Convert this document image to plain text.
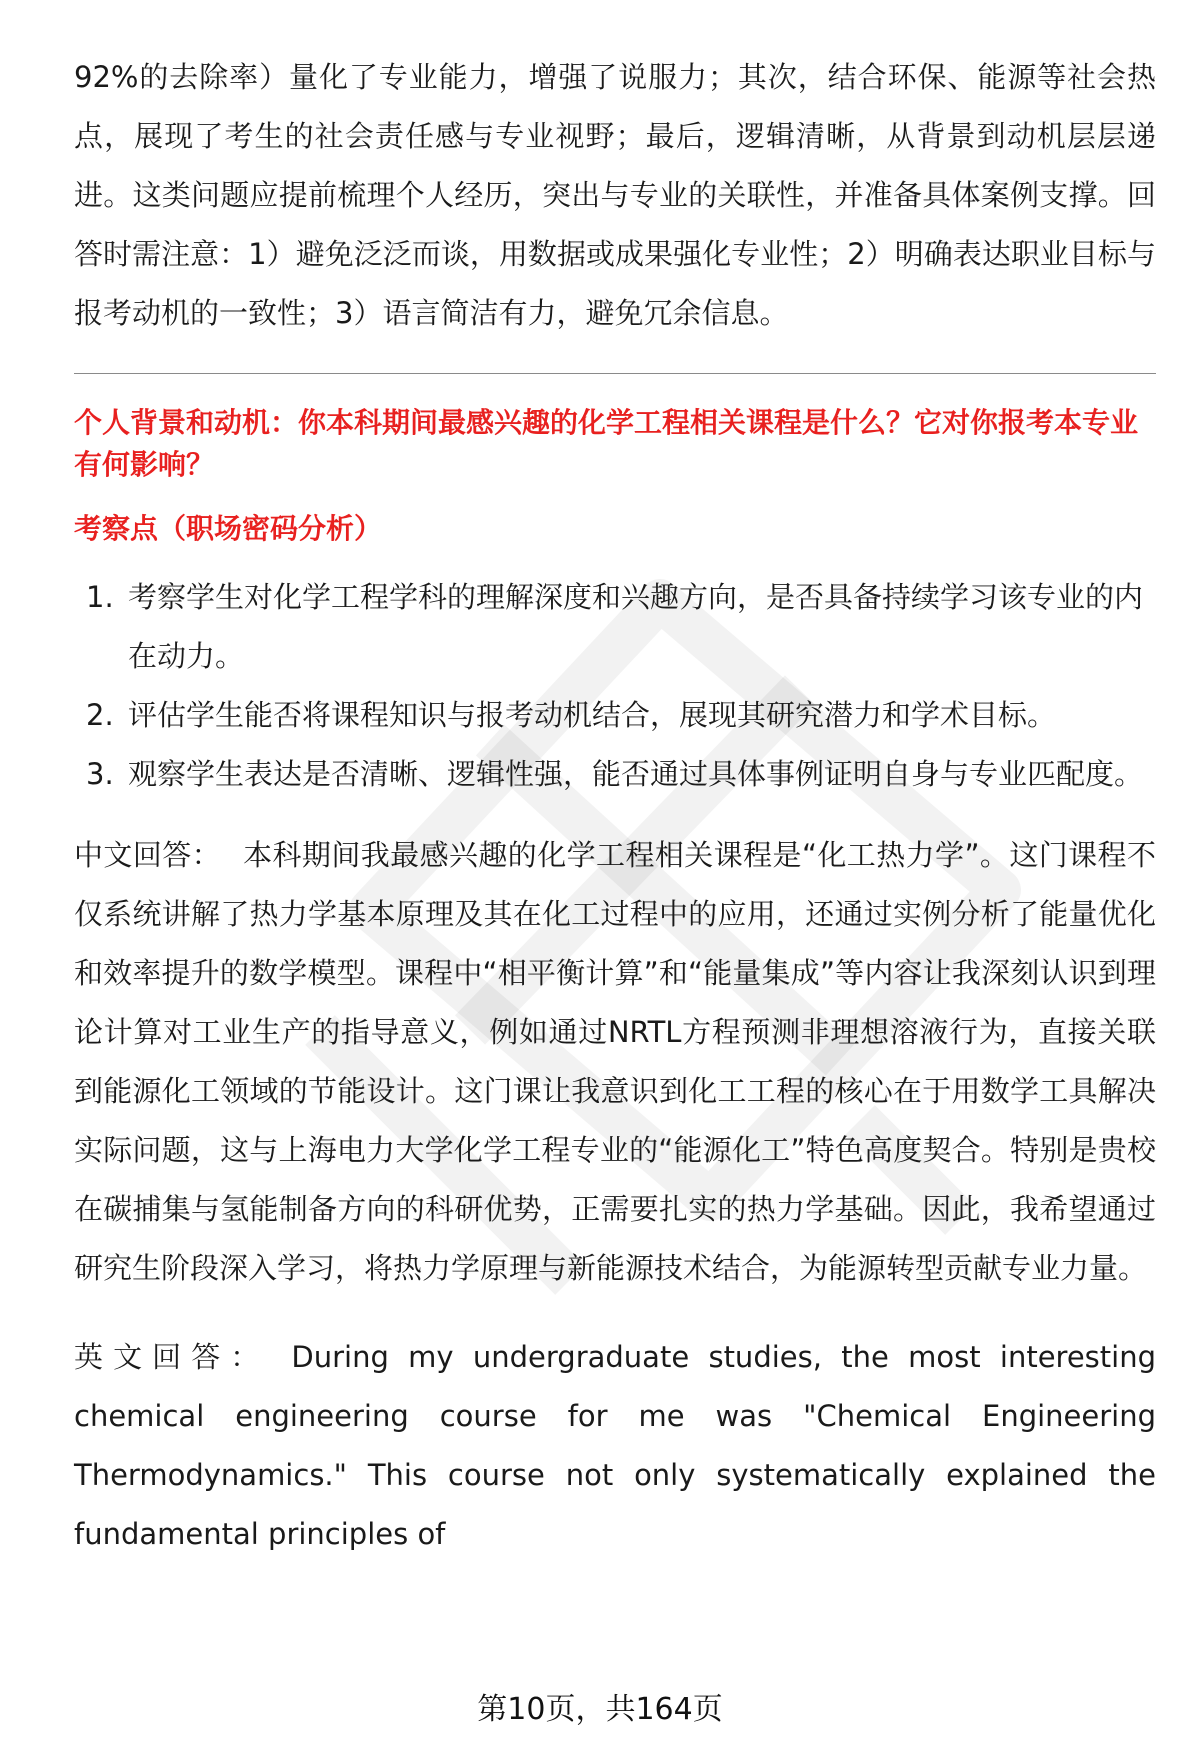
92%的去除率）量化了专业能力，增强了说服力；其次，结合环保、能源等社会热点，展现了考生的社会责任感与专业视野；最后，逻辑清晰，从背景到动机层层递进。这类问题应提前梳理个人经历，突出与专业的关联性，并准备具体案例支撑。回答时需注意：1）避免泛泛而谈，用数据或成果强化专业性；2）明确表达职业目标与报考动机的一致性；3）语言简洁有力，避免冗余信息。

个人背景和动机：你本科期间最感兴趣的化学工程相关课程是什么？它对你报考本专业有何影响？
考察点（职场密码分析）
1. 考察学生对化学工程学科的理解深度和兴趣方向，是否具备持续学习该专业的内在动力。
2. 评估学生能否将课程知识与报考动机结合，展现其研究潜力和学术目标。
3. 观察学生表达是否清晰、逻辑性强，能否通过具体事例证明自身与专业匹配度。

中文回答： 本科期间我最感兴趣的化学工程相关课程是“化工热力学”。这门课程不仅系统讲解了热力学基本原理及其在化工过程中的应用，还通过实例分析了能量优化和效率提升的数学模型。课程中“相平衡计算”和“能量集成”等内容让我深刻认识到理论计算对工业生产的指导意义，例如通过NRTL方程预测非理想溶液行为，直接关联到能源化工领域的节能设计。这门课让我意识到化工工程的核心在于用数学工具解决实际问题，这与上海电力大学化学工程专业的“能源化工”特色高度契合。特别是贵校在碳捕集与氢能制备方向的科研优势，正需要扎实的热力学基础。因此，我希望通过研究生阶段深入学习，将热力学原理与新能源技术结合，为能源转型贡献专业力量。

英文回答： During my undergraduate studies, the most interesting chemical engineering course for me was "Chemical Engineering Thermodynamics." This course not only systematically explained the fundamental principles of

第10页，共164页
